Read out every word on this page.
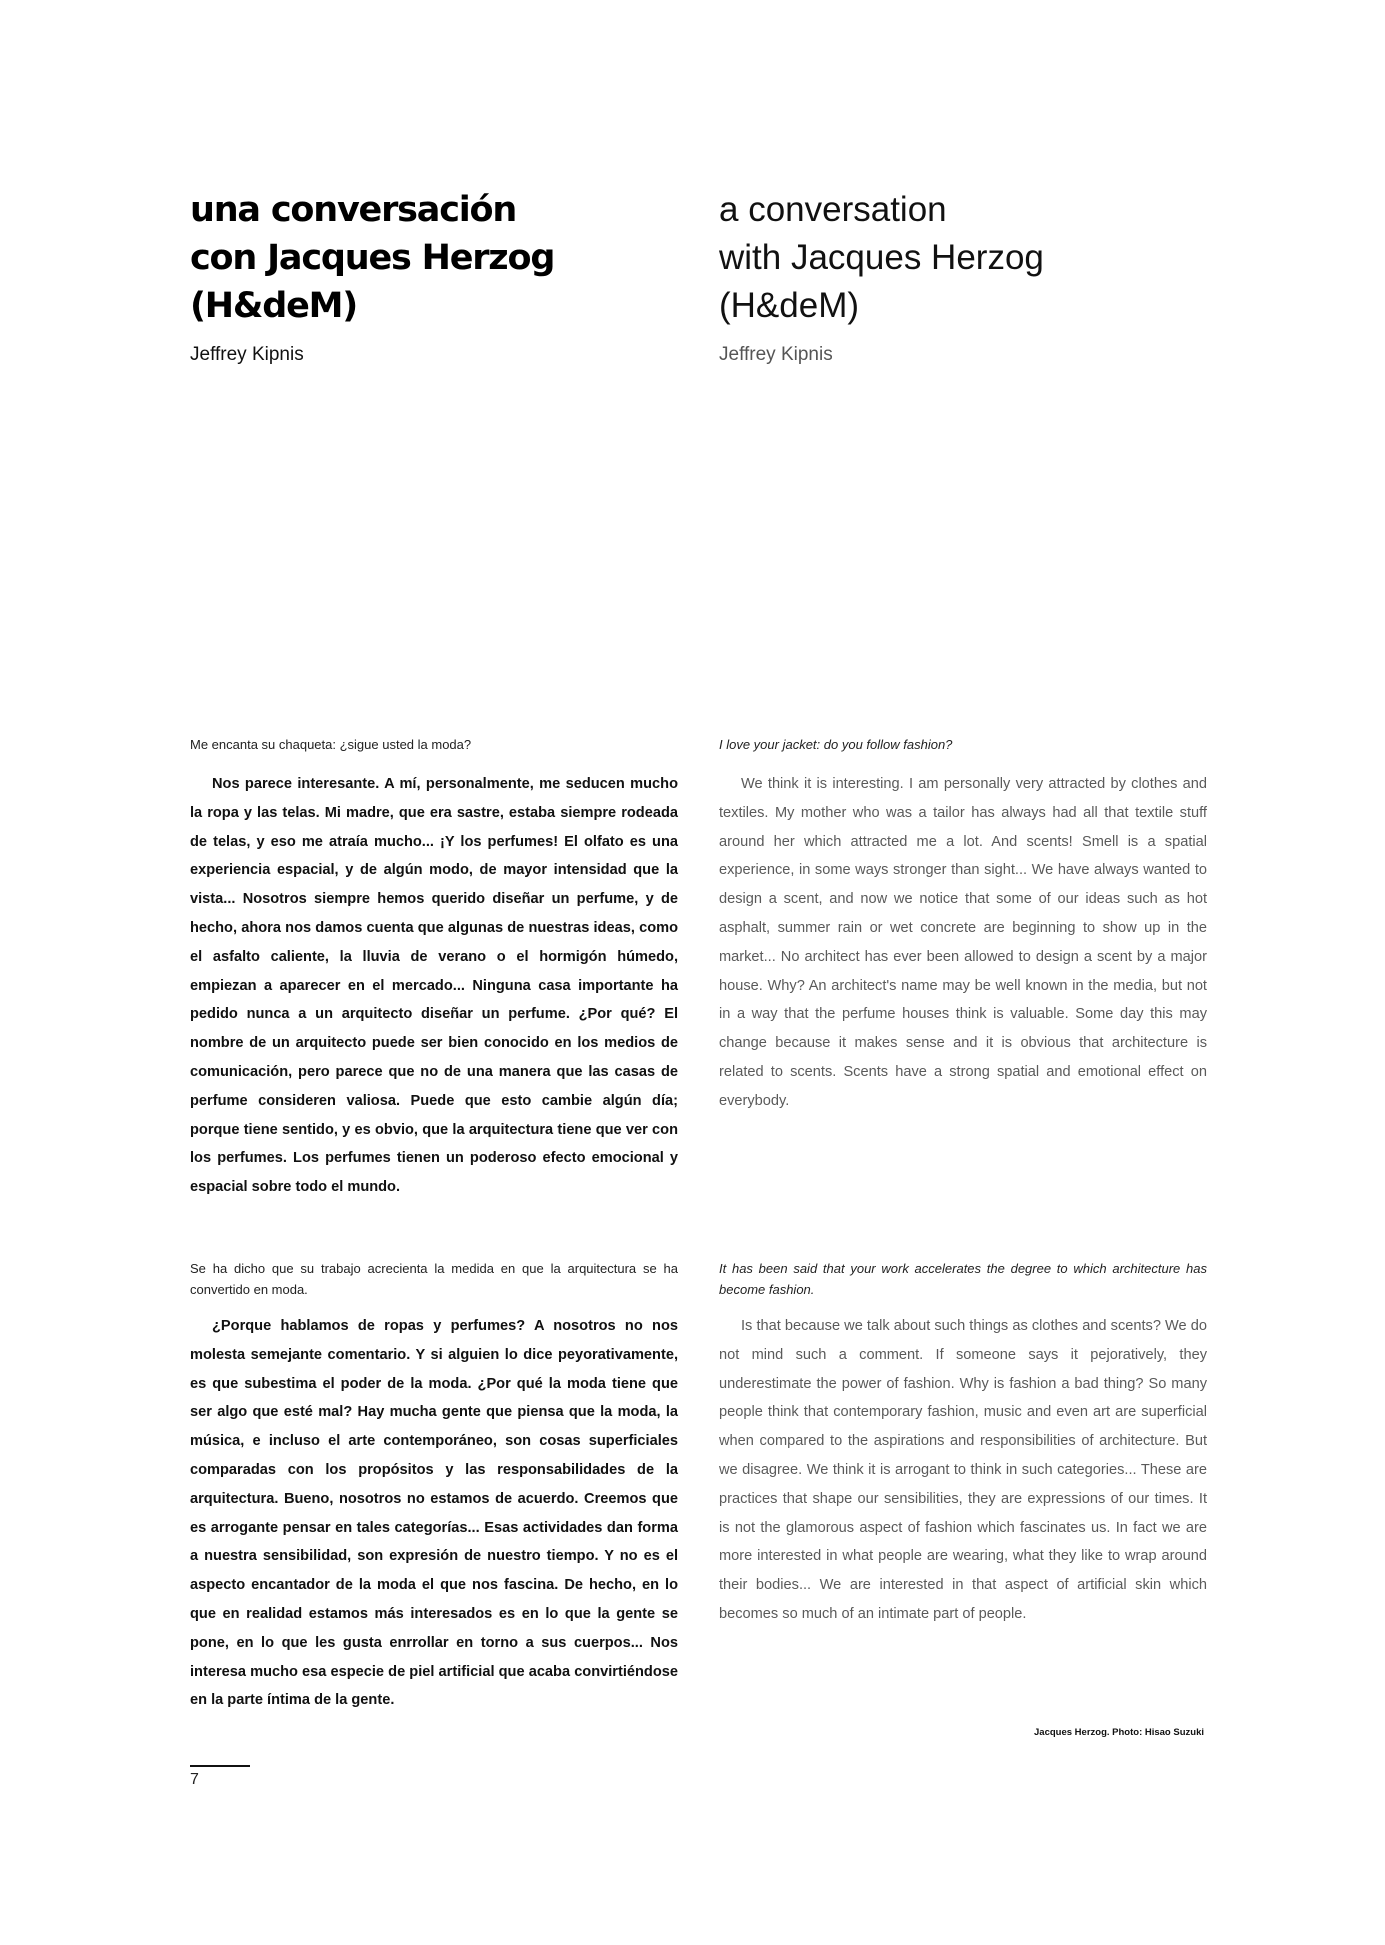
una conversación
con Jacques Herzog
(H&deM)
a conversation
with Jacques Herzog
(H&deM)

Jeffrey Kipnis	Jeffrey Kipnis

Me encanta su chaqueta: ¿sigue usted la moda?

Nos parece interesante. A mí, personalmente, me seducen mucho la ropa y las telas. Mi madre, que era sastre, estaba siempre rodeada de telas, y eso me atraía mucho... ¡Y los perfumes! El olfato es una experiencia espacial, y de algún modo, de mayor intensidad que la vista... Nosotros siempre hemos querido diseñar un perfume, y de hecho, ahora nos damos cuenta que algunas de nuestras ideas, como el asfalto caliente, la lluvia de verano o el hormigón húmedo, empiezan a aparecer en el mercado... Ninguna casa importante ha pedido nunca a un arquitecto diseñar un perfume. ¿Por qué? El nombre de un arquitecto puede ser bien conocido en los medios de comunicación, pero parece que no de una manera que las casas de perfume consideren valiosa. Puede que esto cambie algún día; porque tiene sentido, y es obvio, que la arquitectura tiene que ver con los perfumes. Los perfumes tienen un poderoso efecto emocional y espacial sobre todo el mundo.

I love your jacket: do you follow fashion?

We think it is interesting. I am personally very attracted by clothes and textiles. My mother who was a tailor has always had all that textile stuff around her which attracted me a lot. And scents! Smell is a spatial experience, in some ways stronger than sight... We have always wanted to design a scent, and now we notice that some of our ideas such as hot asphalt, summer rain or wet concrete are beginning to show up in the market... No architect has ever been allowed to design a scent by a major house. Why? An architect's name may be well known in the media, but not in a way that the perfume houses think is valuable. Some day this may change because it makes sense and it is obvious that architecture is related to scents. Scents have a strong spatial and emotional effect on everybody.

Se ha dicho que su trabajo acrecienta la medida en que la arquitectura se ha convertido en moda.

¿Porque hablamos de ropas y perfumes? A nosotros no nos molesta semejante comentario. Y si alguien lo dice peyorativamente, es que subestima el poder de la moda. ¿Por qué la moda tiene que ser algo que esté mal? Hay mucha gente que piensa que la moda, la música, e incluso el arte contemporáneo, son cosas superficiales comparadas con los propósitos y las responsabilidades de la arquitectura. Bueno, nosotros no estamos de acuerdo. Creemos que es arrogante pensar en tales categorías... Esas actividades dan forma a nuestra sensibilidad, son expresión de nuestro tiempo. Y no es el aspecto encantador de la moda el que nos fascina. De hecho, en lo que en realidad estamos más interesados es en lo que la gente se pone, en lo que les gusta enrrollar en torno a sus cuerpos... Nos interesa mucho esa especie de piel artificial que acaba convirtiéndose en la parte íntima de la gente.

It has been said that your work accelerates the degree to which architecture has become fashion.

Is that because we talk about such things as clothes and scents? We do not mind such a comment. If someone says it pejoratively, they underestimate the power of fashion. Why is fashion a bad thing? So many people think that contemporary fashion, music and even art are superficial when compared to the aspirations and responsibilities of architecture. But we disagree. We think it is arrogant to think in such categories... These are practices that shape our sensibilities, they are expressions of our times. It is not the glamorous aspect of fashion which fascinates us. In fact we are more interested in what people are wearing, what they like to wrap around their bodies... We are interested in that aspect of artificial skin which becomes so much of an intimate part of people.

Jacques Herzog. Photo: Hisao Suzuki

7
